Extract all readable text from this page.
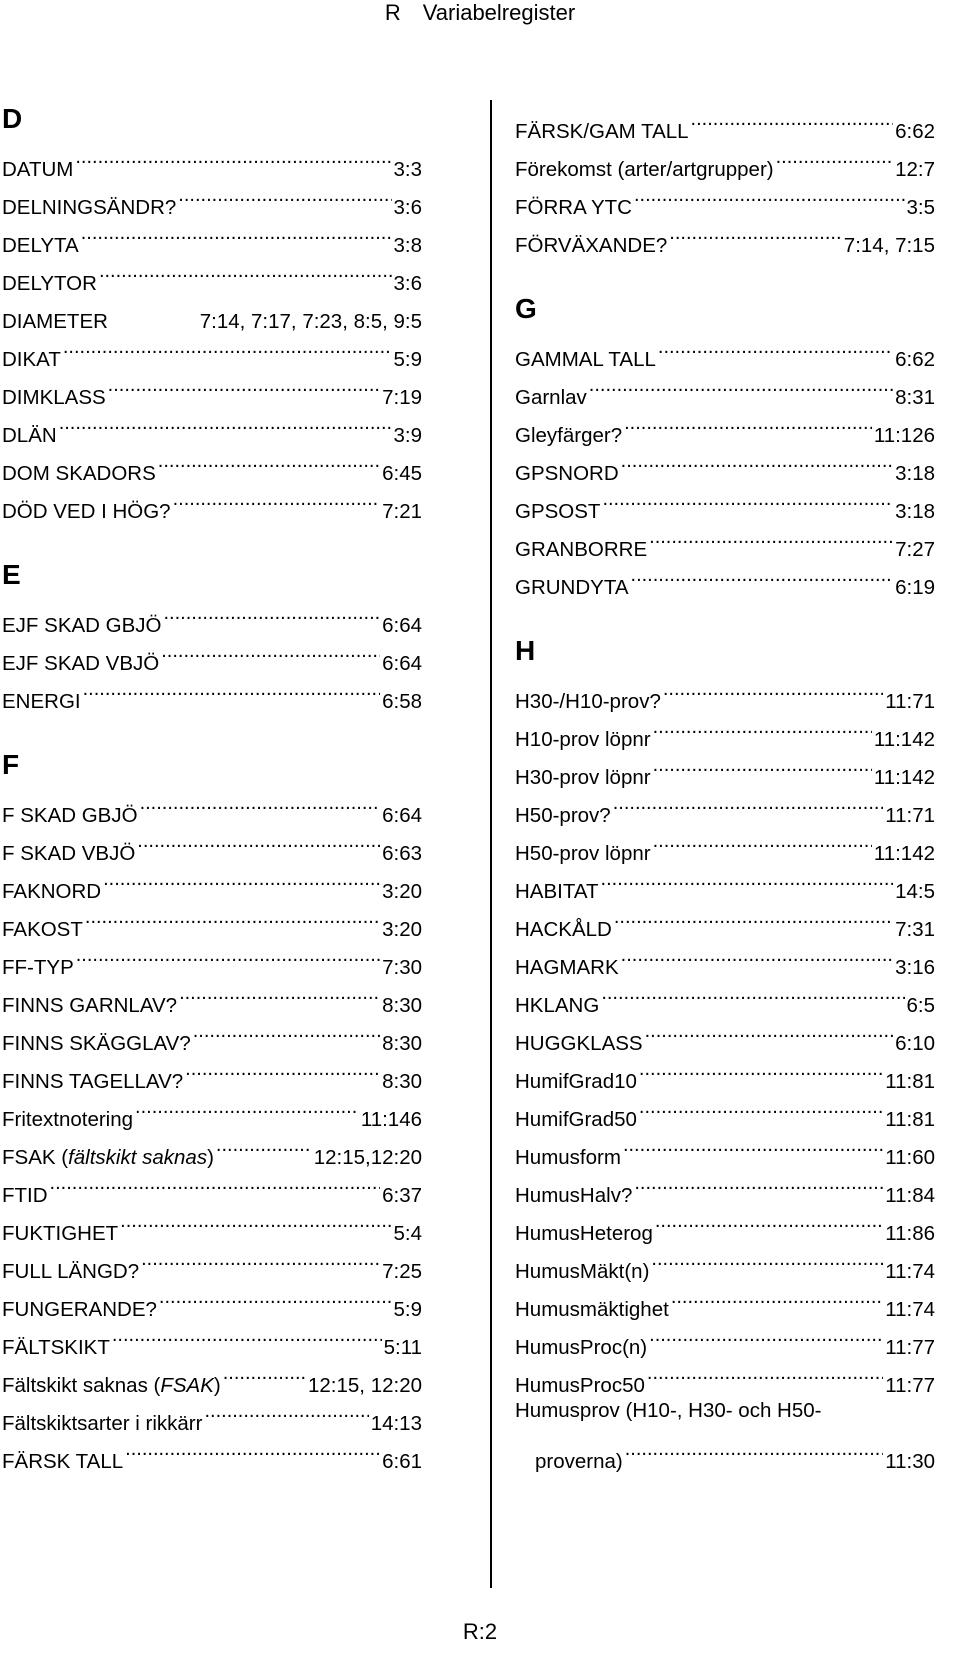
R Variabelregister
D
DATUM .....	3:3
DELNINGSÄNDR? .....	3:6
DELYTA .....	3:8
DELYTOR .....	3:6
DIAMETER	7:14, 7:17, 7:23, 8:5, 9:5
DIKAT .....	5:9
DIMKLASS .....	7:19
DLÄN .....	3:9
DOM SKADORS .....	6:45
DÖD VED I HÖG? .....	7:21
E
EJF SKAD GBJÖ .....	6:64
EJF SKAD VBJÖ .....	6:64
ENERGI .....	6:58
F
F SKAD GBJÖ .....	6:64
F SKAD VBJÖ .....	6:63
FAKNORD .....	3:20
FAKOST .....	3:20
FF-TYP .....	7:30
FINNS GARNLAV? .....	8:30
FINNS SKÄGGLAV? .....	8:30
FINNS TAGELLAV? .....	8:30
Fritextnotering .....	11:146
FSAK (fältskikt saknas) .....	12:15,12:20
FTID .....	6:37
FUKTIGHET .....	5:4
FULL LÄNGD? .....	7:25
FUNGERANDE? .....	5:9
FÄLTSKIKT .....	5:11
Fältskikt saknas (FSAK) .....	12:15, 12:20
Fältskiktsarter i rikkärr .....	14:13
FÄRSK TALL .....	6:61
FÄRSK/GAM TALL .....	6:62
Förekomst (arter/artgrupper) .....	12:7
FÖRRA YTC .....	3:5
FÖRVÄXANDE? .....	7:14, 7:15
G
GAMMAL TALL .....	6:62
Garnlav .....	8:31
Gleyfärger? .....	11:126
GPSNORD .....	3:18
GPSOST .....	3:18
GRANBORRE .....	7:27
GRUNDYTA .....	6:19
H
H30-/H10-prov? .....	11:71
H10-prov löpnr .....	11:142
H30-prov löpnr .....	11:142
H50-prov? .....	11:71
H50-prov löpnr .....	11:142
HABITAT .....	14:5
HACKÅLD .....	7:31
HAGMARK .....	3:16
HKLANG .....	6:5
HUGGKLASS .....	6:10
HumifGrad10 .....	11:81
HumifGrad50 .....	11:81
Humusform .....	11:60
HumusHalv? .....	11:84
HumusHeterog .....	11:86
HumusMäkt(n) .....	11:74
Humusmäktighet .....	11:74
HumusProc(n) .....	11:77
HumusProc50 .....	11:77
Humusprov (H10-, H30- och H50-
proverna) .....	11:30
R:2
